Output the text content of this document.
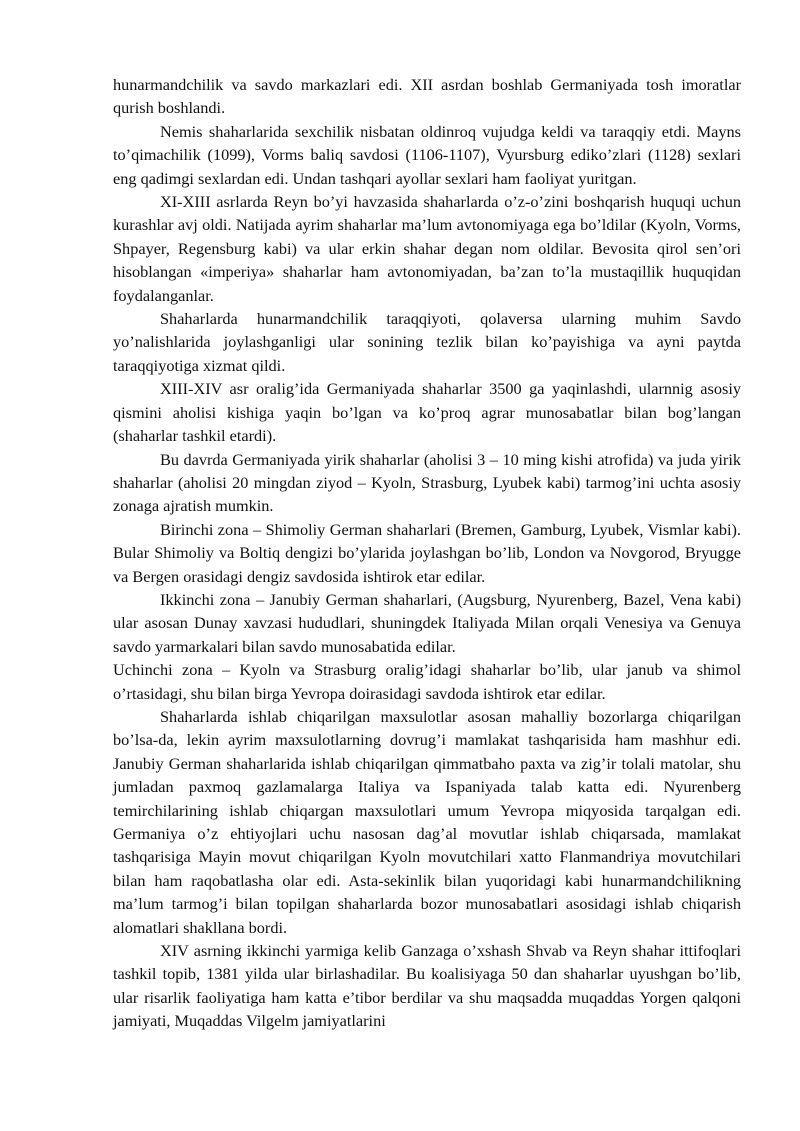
hunarmandchilik va savdo markazlari edi. XII asrdan boshlab Germaniyada tosh imoratlar qurish boshlandi.

Nemis shaharlarida sexchilik nisbatan oldinroq vujudga keldi va taraqqiy etdi. Mayns to’qimachilik (1099), Vorms baliq savdosi (1106-1107), Vyursburg ediko’zlari (1128) sexlari eng qadimgi sexlardan edi. Undan tashqari ayollar sexlari ham faoliyat yuritgan.

XI-XIII asrlarda Reyn bo’yi havzasida shaharlarda o’z-o’zini boshqarish huquqi uchun kurashlar avj oldi. Natijada ayrim shaharlar ma’lum avtonomiyaga ega bo’ldilar (Kyoln, Vorms, Shpayer, Regensburg kabi) va ular erkin shahar degan nom oldilar. Bevosita qirol sen’ori hisoblangan «imperiya» shaharlar ham avtonomiyadan, ba’zan to’la mustaqillik huquqidan foydalanganlar.

Shaharlarda hunarmandchilik taraqqiyoti, qolaversa ularning muhim Savdo yo’nalishlarida joylashganligi ular sonining tezlik bilan ko’payishiga va ayni paytda taraqqiyotiga xizmat qildi.

XIII-XIV asr oralig’ida Germaniyada shaharlar 3500 ga yaqinlashdi, ularnnig asosiy qismini aholisi kishiga yaqin bo’lgan va ko’proq agrar munosabatlar bilan bog’langan (shaharlar tashkil etardi).

Bu davrda Germaniyada yirik shaharlar (aholisi 3 – 10 ming kishi atrofida) va juda yirik shaharlar (aholisi 20 mingdan ziyod – Kyoln, Strasburg, Lyubek kabi) tarmog’ini uchta asosiy zonaga ajratish mumkin.

Birinchi zona – Shimoliy German shaharlari (Bremen, Gamburg, Lyubek, Vismlar kabi). Bular Shimoliy va Boltiq dengizi bo’ylarida joylashgan bo’lib, London va Novgorod, Bryugge va Bergen orasidagi dengiz savdosida ishtirok etar edilar.

Ikkinchi zona – Janubiy German shaharlari, (Augsburg, Nyurenberg, Bazel, Vena kabi) ular asosan Dunay xavzasi hududlari, shuningdek Italiyada Milan orqali Venesiya va Genuya savdo yarmarkalari bilan savdo munosabatida edilar.

Uchinchi zona – Kyoln va Strasburg oralig’idagi shaharlar bo’lib, ular janub va shimol o’rtasidagi, shu bilan birga Yevropa doirasidagi savdoda ishtirok etar edilar.

Shaharlarda ishlab chiqarilgan maxsulotlar asosan mahalliy bozorlarga chiqarilgan bo’lsa-da, lekin ayrim maxsulotlarning dovrug’i mamlakat tashqarisida ham mashhur edi. Janubiy German shaharlarida ishlab chiqarilgan qimmatbaho paxta va zig’ir tolali matolar, shu jumladan paxmoq gazlamalarga Italiya va Ispaniyada talab katta edi. Nyurenberg temirchilarining ishlab chiqargan maxsulotlari umum Yevropa miqyosida tarqalgan edi. Germaniya o’z ehtiyojlari uchu nasosan dag’al movutlar ishlab chiqarsada, mamlakat tashqarisiga Mayin movut chiqarilgan Kyoln movutchilari xatto Flanmandriya movutchilari bilan ham raqobatlasha olar edi. Asta-sekinlik bilan yuqoridagi kabi hunarmandchilikning ma’lum tarmog’i bilan topilgan shaharlarda bozor munosabatlari asosidagi ishlab chiqarish alomatlari shakllana bordi.

XIV asrning ikkinchi yarmiga kelib Ganzaga o’xshash Shvab va Reyn shahar ittifoqlari tashkil topib, 1381 yilda ular birlashadilar. Bu koalisiyaga 50 dan shaharlar uyushgan bo’lib, ular risarlik faoliyatiga ham katta e’tibor berdilar va shu maqsadda muqaddas Yorgen qalqoni jamiyati, Muqaddas Vilgelm jamiyatlarini
